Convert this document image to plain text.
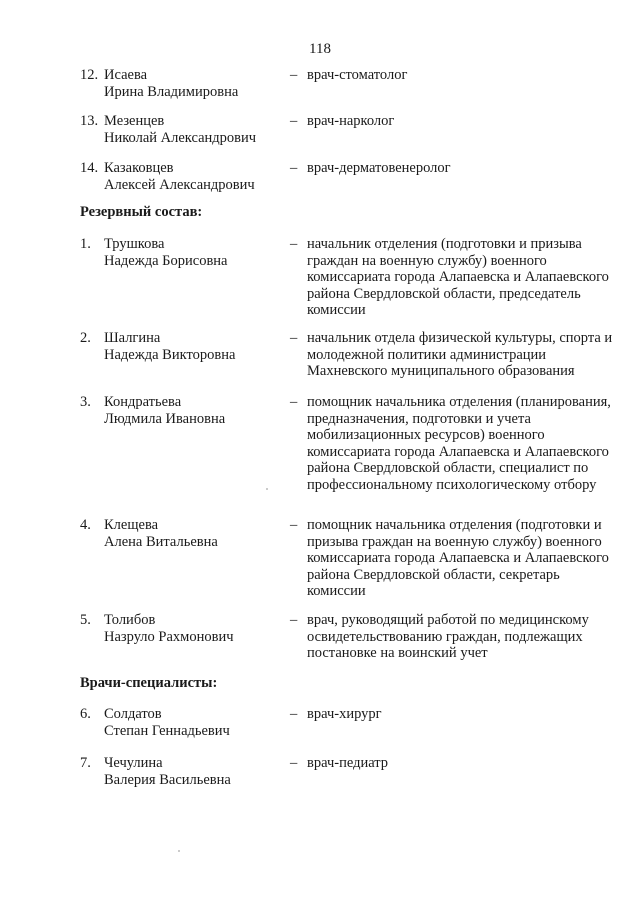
118
12. Исаева
Ирина Владимировна
– врач-стоматолог
13. Мезенцев
Николай Александрович
– врач-нарколог
14. Казаковцев
Алексей Александрович
– врач-дерматовенеролог
Резервный состав:
1. Трушкова
Надежда Борисовна
– начальник отделения (подготовки и призыва граждан на военную службу) военного комиссариата города Алапаевска и Алапаевского района Свердловской области, председатель комиссии
2. Шалгина
Надежда Викторовна
– начальник отдела физической культуры, спорта и молодежной политики администрации Махневского муниципального образования
3. Кондратьева
Людмила Ивановна
– помощник начальника отделения (планирования, предназначения, подготовки и учета мобилизационных ресурсов) военного комиссариата города Алапаевска и Алапаевского района Свердловской области, специалист по профессиональному психологическому отбору
4. Клещева
Алена Витальевна
– помощник начальника отделения (подготовки и призыва граждан на военную службу) военного комиссариата города Алапаевска и Алапаевского района Свердловской области, секретарь комиссии
5. Толибов
Назруло Рахмонович
– врач, руководящий работой по медицинскому освидетельствованию граждан, подлежащих постановке на воинский учет
Врачи-специалисты:
6. Солдатов
Степан Геннадьевич
– врач-хирург
7. Чечулина
Валерия Васильевна
– врач-педиатр
